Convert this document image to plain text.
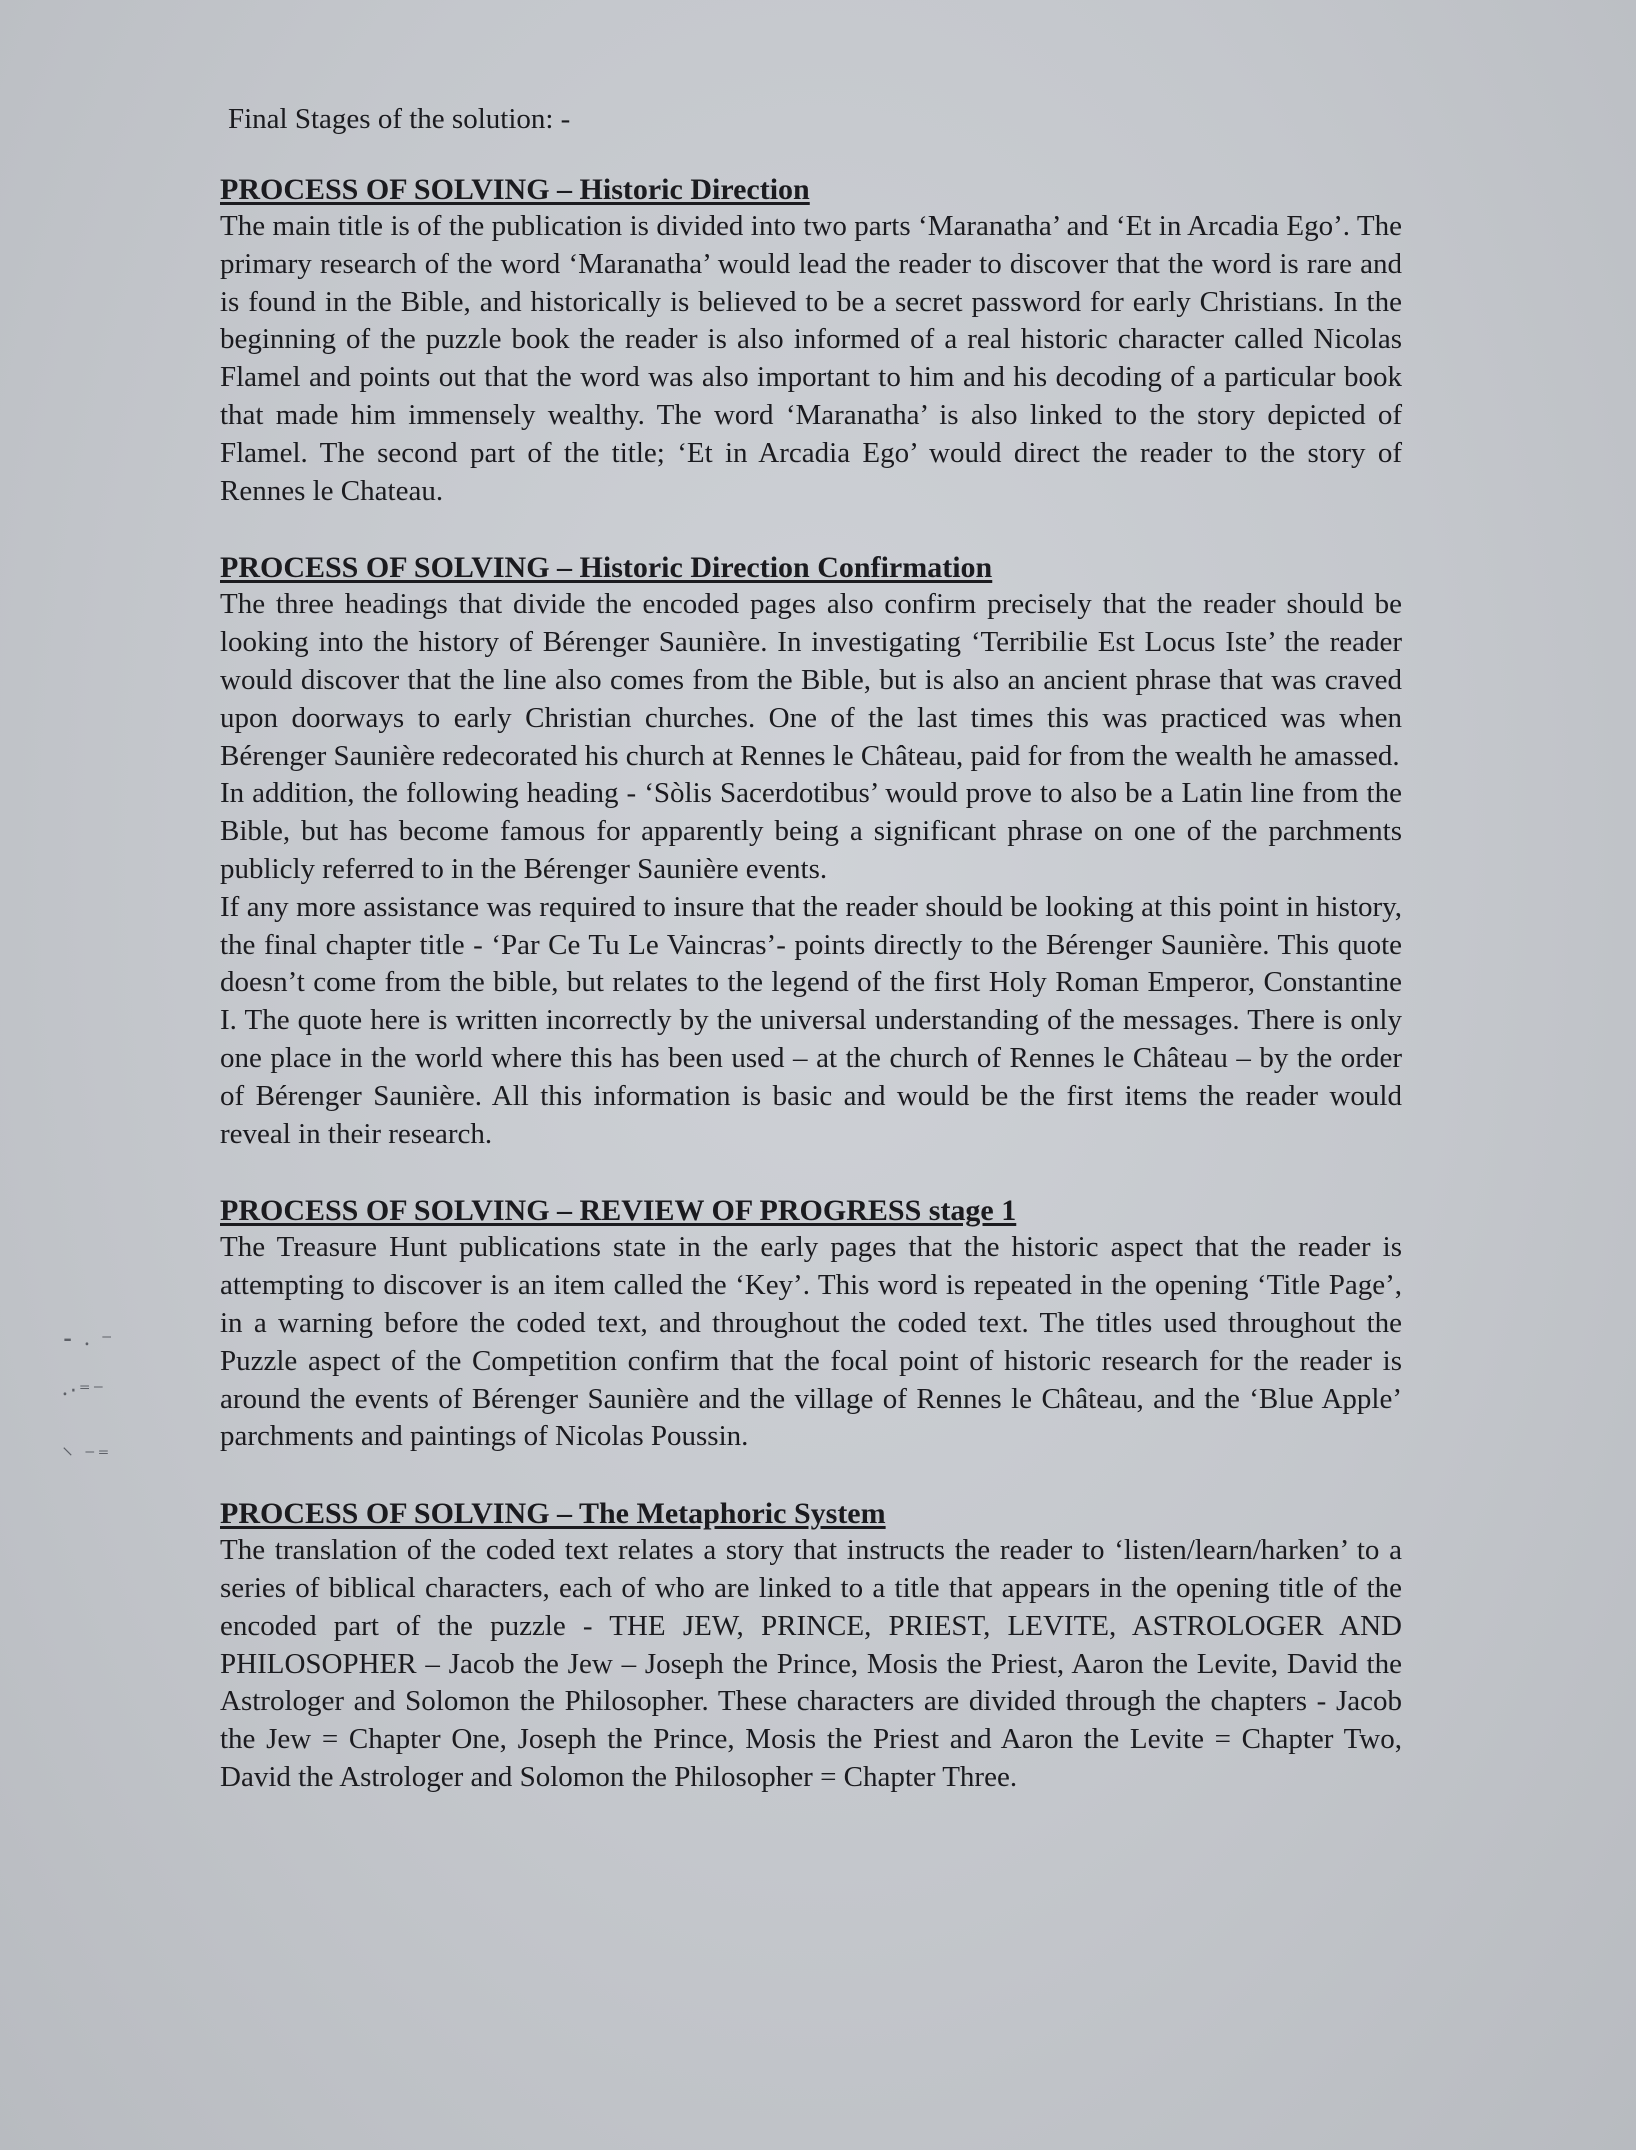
Final Stages of the solution: -

PROCESS OF SOLVING – Historic Direction

The main title is of the publication is divided into two parts ‘Maranatha’ and ‘Et in Arcadia Ego’. The primary research of the word ‘Maranatha’ would lead the reader to discover that the word is rare and is found in the Bible, and historically is believed to be a secret password for early Christians. In the beginning of the puzzle book the reader is also informed of a real historic character called Nicolas Flamel and points out that the word was also important to him and his decoding of a particular book that made him immensely wealthy. The word ‘Maranatha’ is also linked to the story depicted of Flamel. The second part of the title; ‘Et in Arcadia Ego’ would direct the reader to the story of Rennes le Chateau.

PROCESS OF SOLVING – Historic Direction Confirmation

The three headings that divide the encoded pages also confirm precisely that the reader should be looking into the history of Bérenger Saunière. In investigating ‘Terribilie Est Locus Iste’ the reader would discover that the line also comes from the Bible, but is also an ancient phrase that was craved upon doorways to early Christian churches. One of the last times this was practiced was when Bérenger Saunière redecorated his church at Rennes le Château, paid for from the wealth he amassed.

In addition, the following heading - ‘Sòlis Sacerdotibus’ would prove to also be a Latin line from the Bible, but has become famous for apparently being a significant phrase on one of the parchments publicly referred to in the Bérenger Saunière events.

If any more assistance was required to insure that the reader should be looking at this point in history, the final chapter title - ‘Par Ce Tu Le Vaincras’- points directly to the Bérenger Saunière. This quote doesn’t come from the bible, but relates to the legend of the first Holy Roman Emperor, Constantine I. The quote here is written incorrectly by the universal understanding of the messages. There is only one place in the world where this has been used – at the church of Rennes le Château – by the order of Bérenger Saunière. All this information is basic and would be the first items the reader would reveal in their research.

PROCESS OF SOLVING – REVIEW OF PROGRESS stage 1

The Treasure Hunt publications state in the early pages that the historic aspect that the reader is attempting to discover is an item called the ‘Key’. This word is repeated in the opening ‘Title Page’, in a warning before the coded text, and throughout the coded text. The titles used throughout the Puzzle aspect of the Competition confirm that the focal point of historic research for the reader is around the events of Bérenger Saunière and the village of Rennes le Château, and the ‘Blue Apple’ parchments and paintings of Nicolas Poussin.

PROCESS OF SOLVING – The Metaphoric System

The translation of the coded text relates a story that instructs the reader to ‘listen/learn/harken’ to a series of biblical characters, each of who are linked to a title that appears in the opening title of the encoded part of the puzzle - THE JEW, PRINCE, PRIEST, LEVITE, ASTROLOGER AND PHILOSOPHER – Jacob the Jew – Joseph the Prince, Mosis the Priest, Aaron the Levite, David the Astrologer and Solomon the Philosopher. These characters are divided through the chapters - Jacob the Jew = Chapter One, Joseph the Prince, Mosis the Priest and Aaron the Levite = Chapter Two, David the Astrologer and Solomon the Philosopher = Chapter Three.

⁃ ⸳ ⁻
⸳·⁼⁻
⸌ ⁻⁼
